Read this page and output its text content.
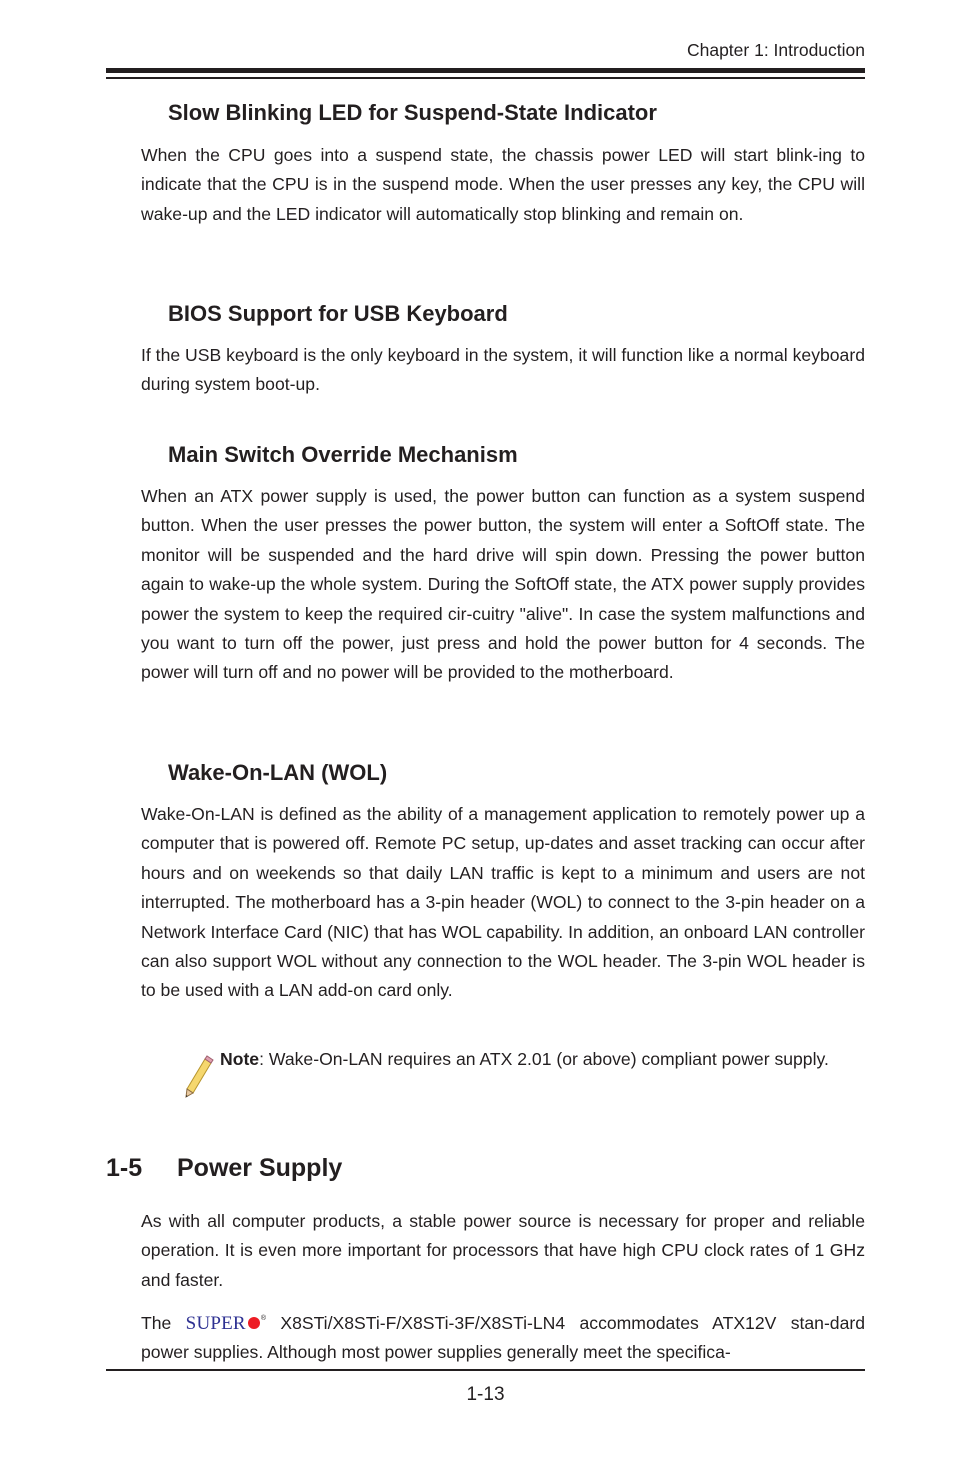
Chapter 1: Introduction
Slow Blinking LED for Suspend-State Indicator
When the CPU goes into a suspend state, the chassis power LED will start blink-ing to indicate that the CPU is in the suspend mode. When the user presses any key, the CPU will wake-up and the LED indicator will automatically stop blinking and remain on.
BIOS Support for USB Keyboard
If the USB keyboard is the only keyboard in the system, it will function like a normal keyboard during system boot-up.
Main Switch Override Mechanism
When an ATX power supply is used, the power button can function as a system suspend button. When the user presses the power button, the system will enter a SoftOff state. The monitor will be suspended and the hard drive will spin down. Pressing the power button again to wake-up the whole system. During the SoftOff state, the ATX power supply provides power the system to keep the required cir-cuitry "alive". In case the system malfunctions and you want to turn off the power, just press and hold the power button for 4 seconds. The power will turn off and no power will be provided to the motherboard.
Wake-On-LAN (WOL)
Wake-On-LAN is defined as the ability of a management application to remotely power up a computer that is powered off. Remote PC setup, up-dates and asset tracking can occur after hours and on weekends so that daily LAN traffic is kept to a minimum and users are not interrupted. The motherboard has a 3-pin header (WOL) to connect to the 3-pin header on a Network Interface Card (NIC) that has WOL capability. In addition, an onboard LAN controller can also support WOL without any connection to the WOL header. The 3-pin WOL header is to be used with a LAN add-on card only.
Note: Wake-On-LAN requires an ATX 2.01 (or above) compliant power supply.
1-5 Power Supply
As with all computer products, a stable power source is necessary for proper and reliable operation. It is even more important for processors that have high CPU clock rates of 1 GHz and faster.
The SUPER ® X8STi/X8STi-F/X8STi-3F/X8STi-LN4 accommodates ATX12V stan-dard power supplies. Although most power supplies generally meet the specifica-
1-13
